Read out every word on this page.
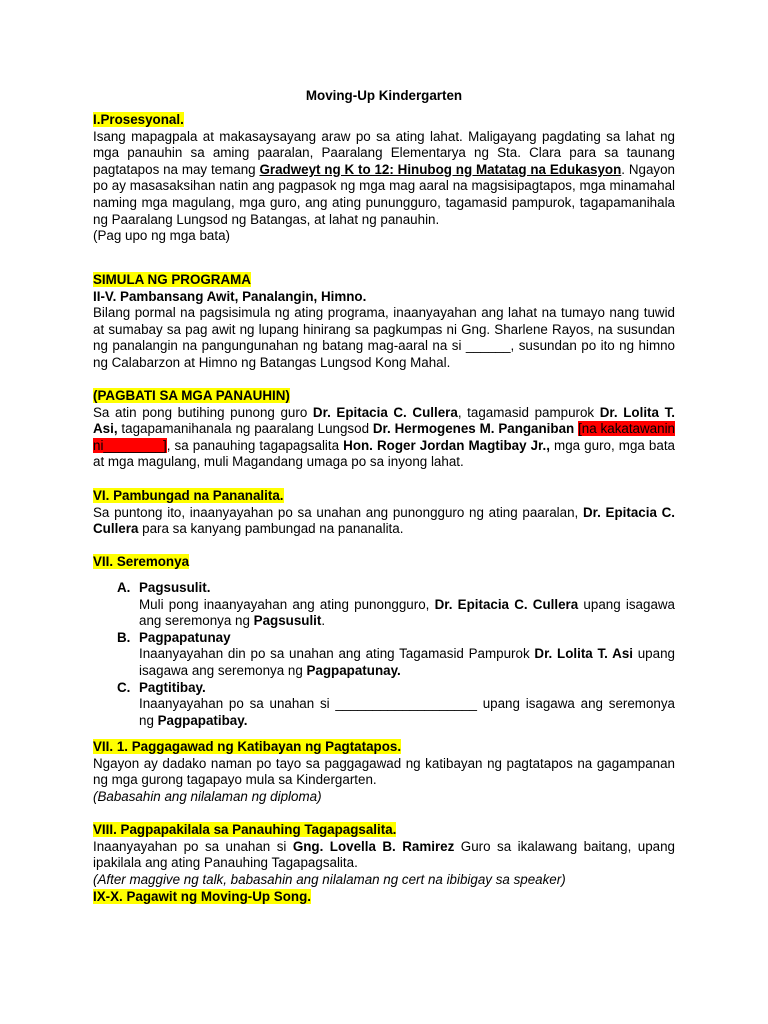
Moving-Up Kindergarten
I.Prosesyonal.
Isang mapagpala at makasaysayang araw po sa ating lahat. Maligayang pagdating sa lahat ng mga panauhin sa aming paaralan, Paaralang Elementarya ng Sta. Clara para sa taunang pagtatapos na may temang Gradweyt ng K to 12: Hinubog ng Matatag na Edukasyon. Ngayon po ay masasaksihan natin ang pagpasok ng mga mag aaral na magsisipagtapos, mga minamahal naming mga magulang, mga guro, ang ating punungguro, tagamasid pampurok, tagapamanihala ng Paaralang Lungsod ng Batangas, at lahat ng panauhin.
(Pag upo ng mga bata)
SIMULA NG PROGRAMA
II-V. Pambansang Awit, Panalangin, Himno.
Bilang pormal na pagsisimula ng ating programa, inaanyayahan ang lahat na tumayo nang tuwid at sumabay sa pag awit ng lupang hinirang sa pagkumpas ni Gng. Sharlene Rayos, na susundan ng panalangin na pangungunahan ng batang mag-aaral na si ______, susundan po ito ng himno ng Calabarzon at Himno ng Batangas Lungsod Kong Mahal.
(PAGBATI SA MGA PANAUHIN)
Sa atin pong butihing punong guro Dr. Epitacia C. Cullera, tagamasid pampurok Dr. Lolita T. Asi, tagapamanihanala ng paaralang Lungsod Dr. Hermogenes M. Panganiban [na kakatawanin ni________], sa panauhing tagapagsalita Hon. Roger Jordan Magtibay Jr., mga guro, mga bata at mga magulang, muli Magandang umaga po sa inyong lahat.
VI. Pambungad na Pananalita.
Sa puntong ito, inaanyayahan po sa unahan ang punongguro ng ating paaralan, Dr. Epitacia C. Cullera para sa kanyang pambungad na pananalita.
VII. Seremonya
A. Pagsusulit.
Muli pong inaanyayahan ang ating punongguro, Dr. Epitacia C. Cullera upang isagawa ang seremonya ng Pagsusulit.
B. Pagpapatunay
Inaanyayahan din po sa unahan ang ating Tagamasid Pampurok Dr. Lolita T. Asi upang isagawa ang seremonya ng Pagpapatunay.
C. Pagtitibay.
Inaanyayahan po sa unahan si ___________________ upang isagawa ang seremonya ng Pagpapatibay.
VII. 1. Paggagawad ng Katibayan ng Pagtatapos.
Ngayon ay dadako naman po tayo sa paggagawad ng katibayan ng pagtatapos na gagampanan ng mga gurong tagapayo mula sa Kindergarten.
(Babasahin ang nilalaman ng diploma)
VIII. Pagpapakilala sa Panauhing Tagapagsalita.
Inaanyayahan po sa unahan si Gng. Lovella B. Ramirez Guro sa ikalawang baitang, upang ipakilala ang ating Panauhing Tagapagsalita.
(After maggive ng talk, babasahin ang nilalaman ng cert na ibibigay sa speaker)
IX-X. Pagawit ng Moving-Up Song.
